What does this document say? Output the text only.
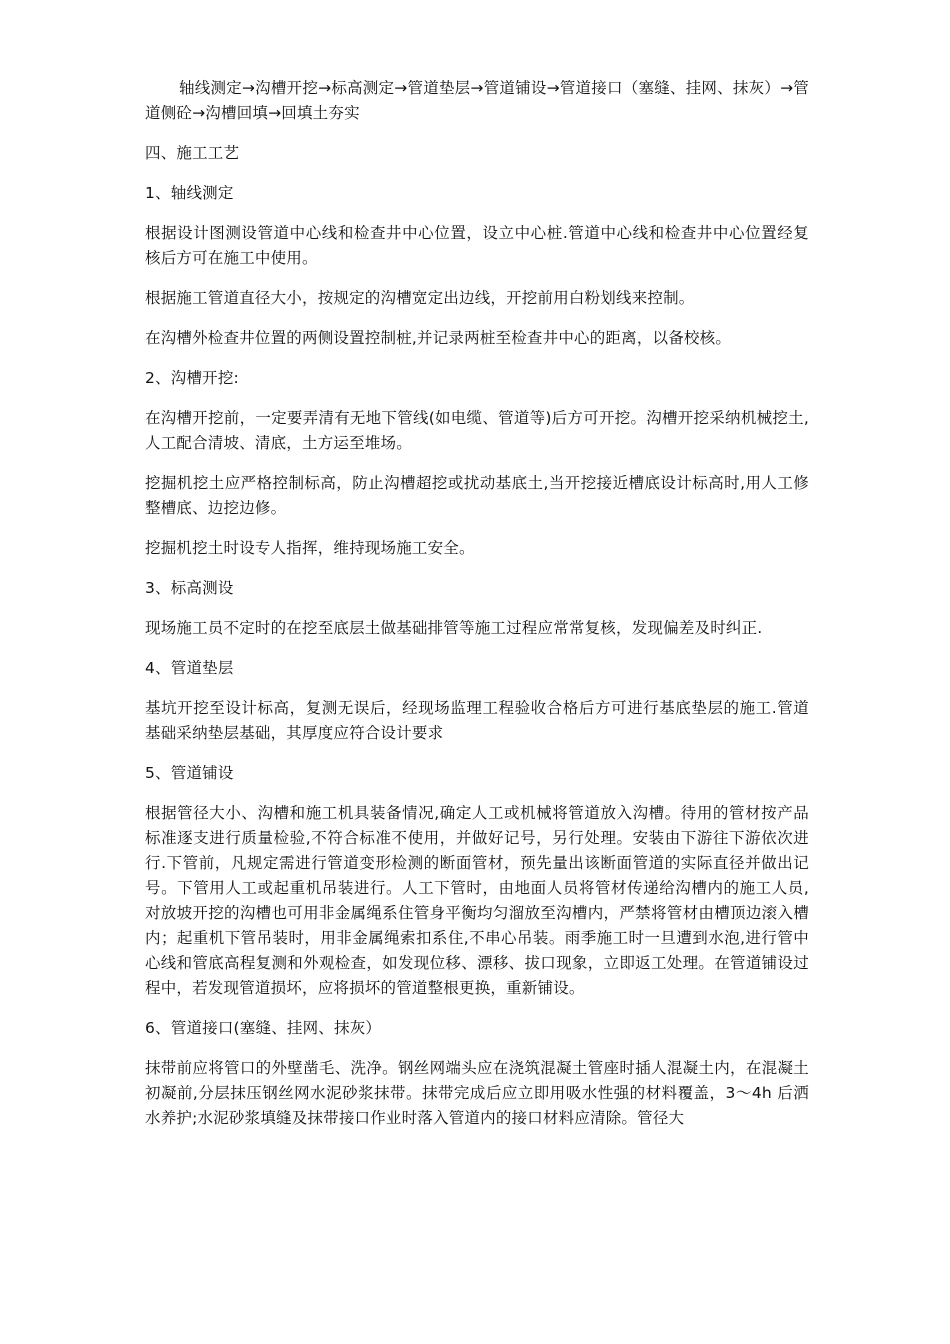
轴线测定→沟槽开挖→标高测定→管道垫层→管道铺设→管道接口（塞缝、挂网、抹灰）→管道侧砼→沟槽回填→回填土夯实

四、施工工艺

1、轴线测定

根据设计图测设管道中心线和检查井中心位置，设立中心桩.管道中心线和检查井中心位置经复核后方可在施工中使用。

根据施工管道直径大小，按规定的沟槽宽定出边线，开挖前用白粉划线来控制。

在沟槽外检查井位置的两侧设置控制桩,并记录两桩至检查井中心的距离，以备校核。

2、沟槽开挖:

在沟槽开挖前，一定要弄清有无地下管线(如电缆、管道等)后方可开挖。沟槽开挖采纳机械挖土,人工配合清坡、清底，土方运至堆场。

挖掘机挖土应严格控制标高，防止沟槽超挖或扰动基底土,当开挖接近槽底设计标高时,用人工修整槽底、边挖边修。

挖掘机挖土时设专人指挥，维持现场施工安全。

3、标高测设

现场施工员不定时的在挖至底层土做基础排管等施工过程应常常复核，发现偏差及时纠正.

4、管道垫层

基坑开挖至设计标高，复测无误后，经现场监理工程验收合格后方可进行基底垫层的施工.管道基础采纳垫层基础，其厚度应符合设计要求

5、管道铺设

根据管径大小、沟槽和施工机具装备情况,确定人工或机械将管道放入沟槽。待用的管材按产品标准逐支进行质量检验,不符合标准不使用，并做好记号，另行处理。安装由下游往下游依次进行.下管前，凡规定需进行管道变形检测的断面管材，预先量出该断面管道的实际直径并做出记号。下管用人工或起重机吊装进行。人工下管时，由地面人员将管材传递给沟槽内的施工人员,对放坡开挖的沟槽也可用非金属绳系住管身平衡均匀溜放至沟槽内，严禁将管材由槽顶边滚入槽内；起重机下管吊装时，用非金属绳索扣系住,不串心吊装。雨季施工时一旦遭到水泡,进行管中心线和管底高程复测和外观检查，如发现位移、漂移、拔口现象，立即返工处理。在管道铺设过程中，若发现管道损坏，应将损坏的管道整根更换，重新铺设。

6、管道接口(塞缝、挂网、抹灰）

抹带前应将管口的外壁凿毛、洗净。钢丝网端头应在浇筑混凝土管座时插人混凝土内，在混凝土初凝前,分层抹压钢丝网水泥砂浆抹带。抹带完成后应立即用吸水性强的材料覆盖，3～4h 后洒水养护;水泥砂浆填缝及抹带接口作业时落入管道内的接口材料应清除。管径大
